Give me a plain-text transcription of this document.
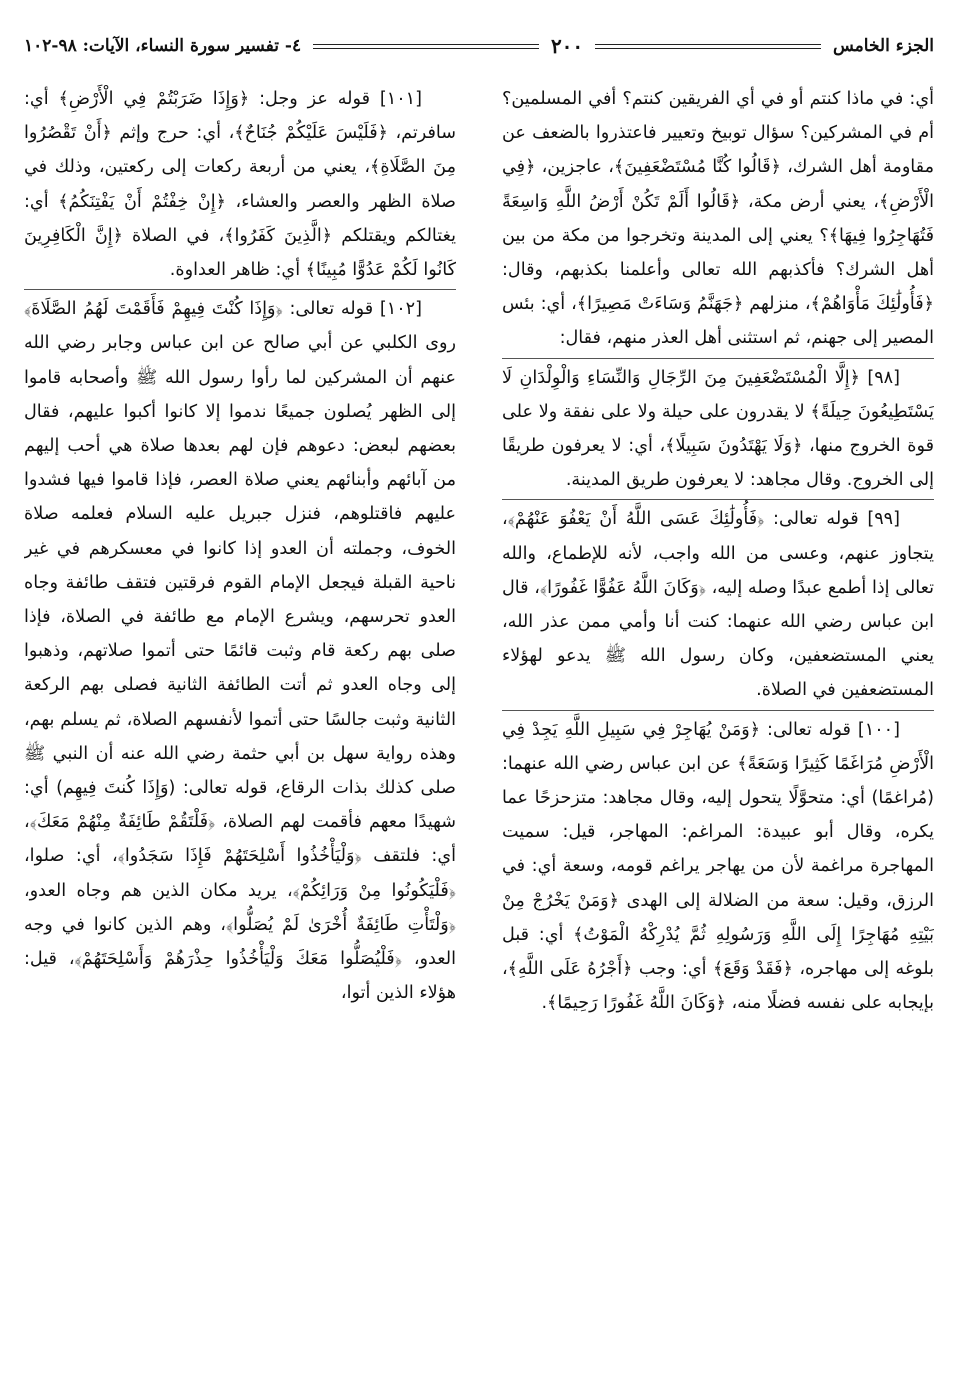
الجزء الخامس
٢٠٠
٤- تفسير سورة النساء، الآيات: ٩٨-١٠٢

أي: في ماذا كنتم أو في أي الفريقين كنتم؟ أفي المسلمين؟ أم في المشركين؟ سؤال توبيخ وتعيير فاعتذروا بالضعف عن مقاومة أهل الشرك، ﴿قَالُوا كُنَّا مُسْتَضْعَفِينَ﴾، عاجزين، ﴿فِي الْأَرْضِ﴾، يعني أرض مكة، ﴿قَالُوا أَلَمْ تَكُنْ أَرْضُ اللَّهِ وَاسِعَةً فَتُهَاجِرُوا فِيهَا﴾؟ يعني إلى المدينة وتخرجوا من مكة من بين أهل الشرك؟ فأكذبهم الله تعالى وأعلمنا بكذبهم، وقال: ﴿فَأُولَٰئِكَ مَأْوَاهُمْ﴾، منزلهم ﴿جَهَنَّمُ وَسَاءَتْ مَصِيرًا﴾، أي: بئس المصير إلى جهنم، ثم استثنى أهل العذر منهم، فقال:

[٩٨] ﴿إِلَّا الْمُسْتَضْعَفِينَ مِنَ الرِّجَالِ وَالنِّسَاءِ وَالْوِلْدَانِ لَا يَسْتَطِيعُونَ حِيلَةً﴾ لا يقدرون على حيلة ولا على نفقة ولا على قوة الخروج منها، ﴿وَلَا يَهْتَدُونَ سَبِيلًا﴾، أي: لا يعرفون طريقًا إلى الخروج. وقال مجاهد: لا يعرفون طريق المدينة.

[٩٩] قوله تعالى: ﴿فَأُولَٰئِكَ عَسَى اللَّهُ أَنْ يَعْفُوَ عَنْهُمْ﴾، يتجاوز عنهم، وعسى من الله واجب، لأنه للإطماع، والله تعالى إذا أطمع عبدًا وصله إليه، ﴿وَكَانَ اللَّهُ عَفُوًّا غَفُورًا﴾، قال ابن عباس رضي الله عنهما: كنت أنا وأمي ممن عذر الله، يعني المستضعفين، وكان رسول الله ﷺ يدعو لهؤلاء المستضعفين في الصلاة.

[١٠٠] قوله تعالى: ﴿وَمَنْ يُهَاجِرْ فِي سَبِيلِ اللَّهِ يَجِدْ فِي الْأَرْضِ مُرَاغَمًا كَثِيرًا وَسَعَةً﴾ عن ابن عباس رضي الله عنهما: (مُراغمًا) أي: متحوَّلًا يتحول إليه، وقال مجاهد: متزحزحًا عما يكره، وقال أبو عبيدة: المراغم: المهاجر، قيل: سميت المهاجرة مراغمة لأن من يهاجر يراغم قومه، وسعة أي: في الرزق، وقيل: سعة من الضلالة إلى الهدى ﴿وَمَنْ يَخْرُجْ مِنْ بَيْتِهِ مُهَاجِرًا إِلَى اللَّهِ وَرَسُولِهِ ثُمَّ يُدْرِكْهُ الْمَوْتُ﴾ أي: قبل بلوغه إلى مهاجره، ﴿فَقَدْ وَقَعَ﴾ أي: وجب ﴿أَجْرُهُ عَلَى اللَّهِ﴾، بإيجابه على نفسه فضلًا منه، ﴿وَكَانَ اللَّهُ غَفُورًا رَحِيمًا﴾.

[١٠١] قوله عز وجل: ﴿وَإِذَا ضَرَبْتُمْ فِي الْأَرْضِ﴾ أي: سافرتم، ﴿فَلَيْسَ عَلَيْكُمْ جُنَاحٌ﴾، أي: حرج وإثم ﴿أَنْ تَقْصُرُوا مِنَ الصَّلَاةِ﴾، يعني من أربعة ركعات إلى ركعتين، وذلك في صلاة الظهر والعصر والعشاء، ﴿إِنْ خِفْتُمْ أَنْ يَفْتِنَكُمُ﴾ أي: يغتالكم ويقتلكم ﴿الَّذِينَ كَفَرُوا﴾، في الصلاة ﴿إِنَّ الْكَافِرِينَ كَانُوا لَكُمْ عَدُوًّا مُبِينًا﴾ أي: ظاهر العداوة.

[١٠٢] قوله تعالى: ﴿وَإِذَا كُنْتَ فِيهِمْ فَأَقَمْتَ لَهُمُ الصَّلَاةَ﴾ روى الكلبي عن أبي صالح عن ابن عباس وجابر رضي الله عنهم أن المشركين لما رأوا رسول الله ﷺ وأصحابه قاموا إلى الظهر يُصلون جميعًا ندموا إلا كانوا أكبوا عليهم، فقال بعضهم لبعض: دعوهم فإن لهم بعدها صلاة هي أحب إليهم من آبائهم وأبنائهم يعني صلاة العصر، فإذا قاموا فيها فشدوا عليهم فاقتلوهم، فنزل جبريل عليه السلام فعلمه صلاة الخوف، وجملته أن العدو إذا كانوا في معسكرهم في غير ناحية القبلة فيجعل الإمام القوم فرقتين فتقف طائفة وجاه العدو تحرسهم، ويشرع الإمام مع طائفة في الصلاة، فإذا صلى بهم ركعة قام وثبت قائمًا حتى أتموا صلاتهم، وذهبوا إلى وجاه العدو ثم أتت الطائفة الثانية فصلى بهم الركعة الثانية وثبت جالسًا حتى أتموا لأنفسهم الصلاة، ثم يسلم بهم، وهذه رواية سهل بن أبي حثمة رضي الله عنه أن النبي ﷺ صلى كذلك بذات الرقاع، قوله تعالى: (وَإِذَا كُنتَ فِيهِم) أي: شهيدًا معهم فأقمت لهم الصلاة، ﴿فَلْتَقُمْ طَائِفَةٌ مِنْهُمْ مَعَكَ﴾، أي: فلتقف ﴿وَلْيَأْخُذُوا أَسْلِحَتَهُمْ فَإِذَا سَجَدُوا﴾، أي: صلوا، ﴿فَلْيَكُونُوا مِنْ وَرَائِكُمْ﴾، يريد مكان الذين هم وجاه العدو، ﴿وَلْتَأْتِ طَائِفَةٌ أُخْرَىٰ لَمْ يُصَلُّوا﴾، وهم الذين كانوا في وجه العدو، ﴿فَلْيُصَلُّوا مَعَكَ وَلْيَأْخُذُوا حِذْرَهُمْ وَأَسْلِحَتَهُمْ﴾، قيل: هؤلاء الذين أتوا،
